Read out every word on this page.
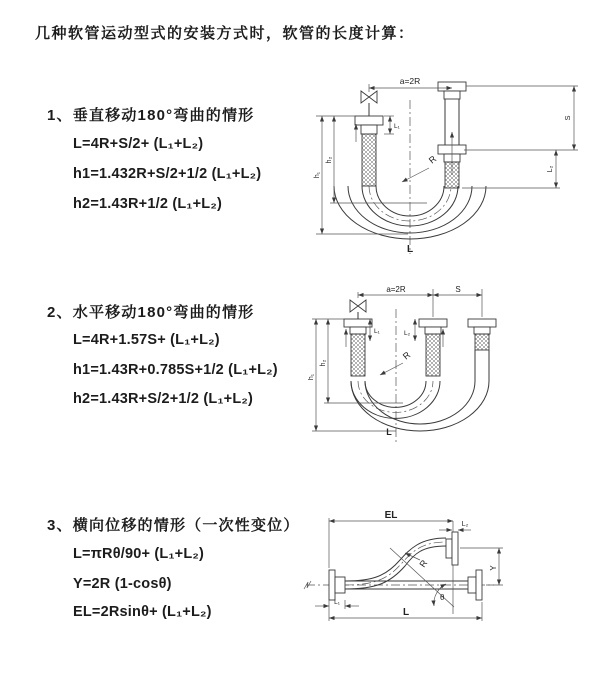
几种软管运动型式的安装方式时，软管的长度计算：
1、垂直移动180°弯曲的情形
L=4R+S/2+ (L₁+L₂)
h1=1.432R+S/2+1/2 (L₁+L₂)
h2=1.43R+1/2 (L₁+L₂)
2、水平移动180°弯曲的情形
L=4R+1.57S+ (L₁+L₂)
h1=1.43R+0.785S+1/2 (L₁+L₂)
h2=1.43R+S/2+1/2 (L₁+L₂)
3、横向位移的情形（一次性变位）
L=πRθ/90+ (L₁+L₂)
Y=2R (1-cosθ)
EL=2Rsinθ+ (L₁+L₂)
a=2R
S
L₂
h₁
h₂
L₁
R
L
a=2R	S
h₁
h₂
L₁	L₂
R
L
EL
L₂
Y
R
θ
L₁
L
